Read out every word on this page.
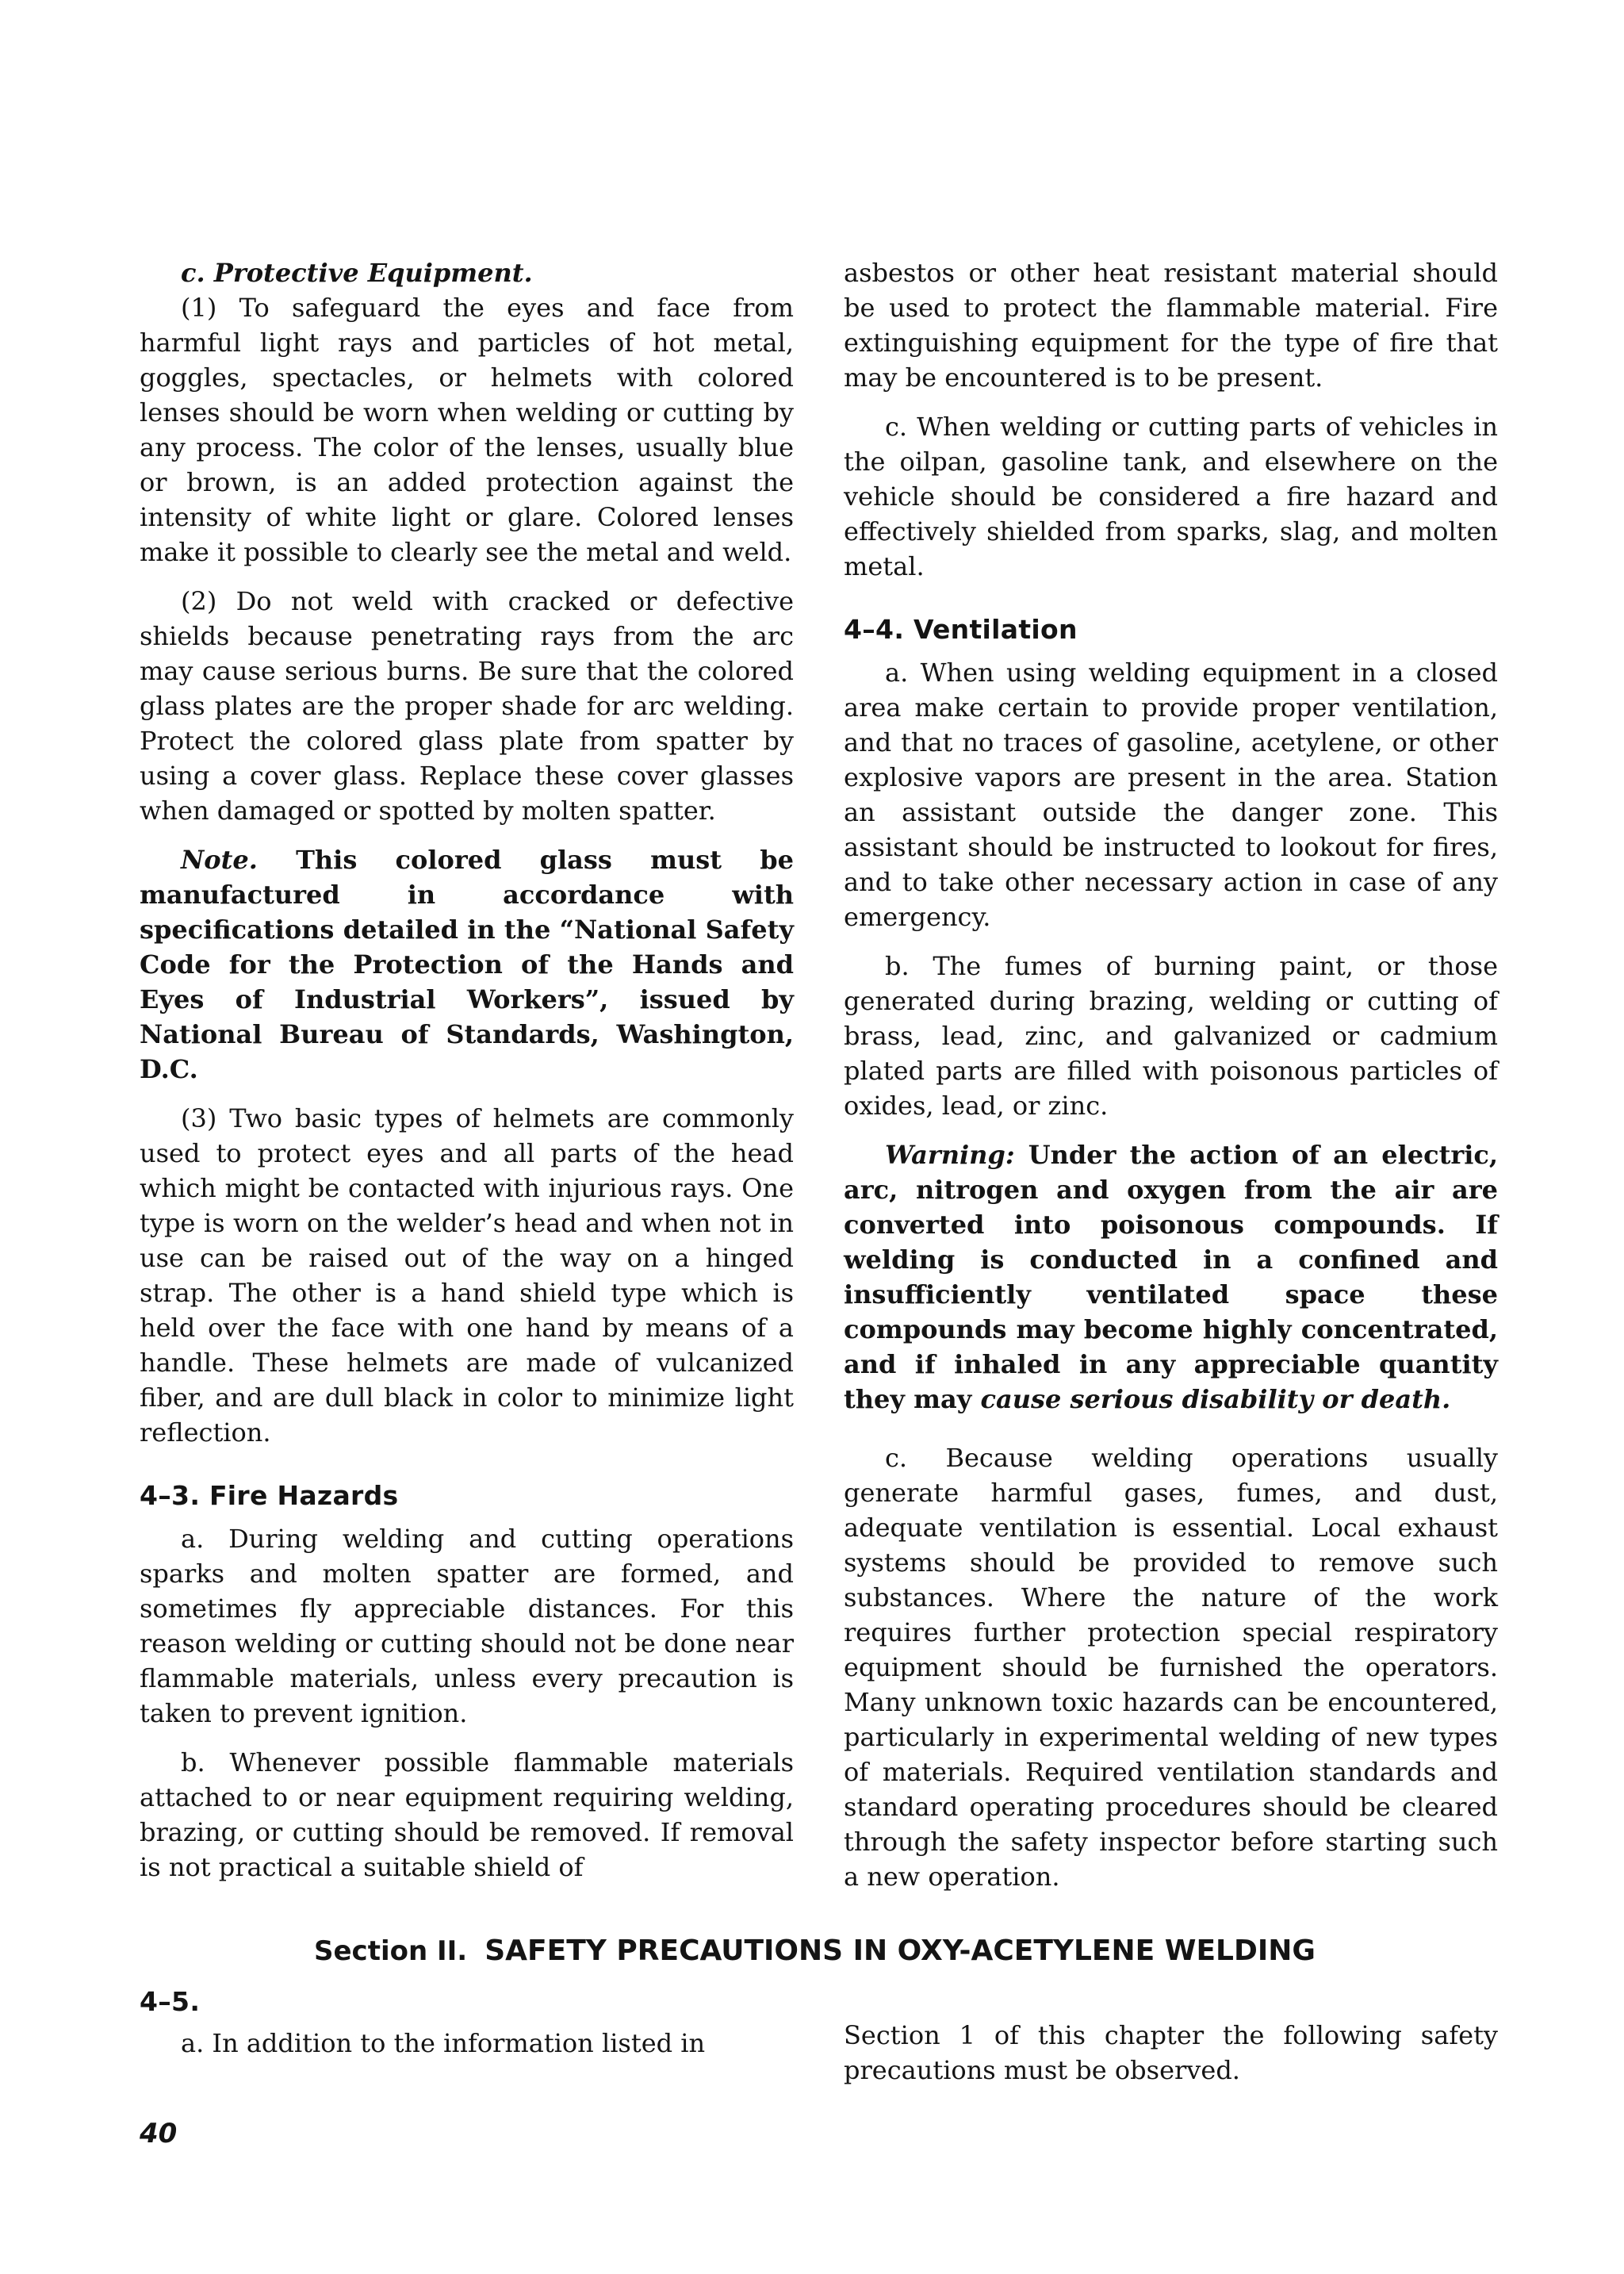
c. Protective Equipment.

(1) To safeguard the eyes and face from harmful light rays and particles of hot metal, goggles, spectacles, or helmets with colored lenses should be worn when welding or cutting by any process. The color of the lenses, usually blue or brown, is an added protection against the intensity of white light or glare. Colored lenses make it possible to clearly see the metal and weld.

(2) Do not weld with cracked or defective shields because penetrating rays from the arc may cause serious burns. Be sure that the colored glass plates are the proper shade for arc welding. Protect the colored glass plate from spatter by using a cover glass. Replace these cover glasses when damaged or spotted by molten spatter.

Note. This colored glass must be manufactured in accordance with specifications detailed in the “National Safety Code for the Protection of the Hands and Eyes of Industrial Workers”, issued by National Bureau of Standards, Washington, D.C.

(3) Two basic types of helmets are commonly used to protect eyes and all parts of the head which might be contacted with injurious rays. One type is worn on the welder’s head and when not in use can be raised out of the way on a hinged strap. The other is a hand shield type which is held over the face with one hand by means of a handle. These helmets are made of vulcanized fiber, and are dull black in color to minimize light reflection.

4–3. Fire Hazards

a. During welding and cutting operations sparks and molten spatter are formed, and sometimes fly appreciable distances. For this reason welding or cutting should not be done near flammable materials, unless every precaution is taken to prevent ignition.

b. Whenever possible flammable materials attached to or near equipment requiring welding, brazing, or cutting should be removed. If removal is not practical a suitable shield of

asbestos or other heat resistant material should be used to protect the flammable material. Fire extinguishing equipment for the type of fire that may be encountered is to be present.

c. When welding or cutting parts of vehicles in the oilpan, gasoline tank, and elsewhere on the vehicle should be considered a fire hazard and effectively shielded from sparks, slag, and molten metal.

4–4. Ventilation

a. When using welding equipment in a closed area make certain to provide proper ventilation, and that no traces of gasoline, acetylene, or other explosive vapors are present in the area. Station an assistant outside the danger zone. This assistant should be instructed to lookout for fires, and to take other necessary action in case of any emergency.

b. The fumes of burning paint, or those generated during brazing, welding or cutting of brass, lead, zinc, and galvanized or cadmium plated parts are filled with poisonous particles of oxides, lead, or zinc.

Warning: Under the action of an electric, arc, nitrogen and oxygen from the air are converted into poisonous compounds. If welding is conducted in a confined and insufficiently ventilated space these compounds may become highly concentrated, and if inhaled in any appreciable quantity they may cause serious disability or death.

c. Because welding operations usually generate harmful gases, fumes, and dust, adequate ventilation is essential. Local exhaust systems should be provided to remove such substances. Where the nature of the work requires further protection special respiratory equipment should be furnished the operators. Many unknown toxic hazards can be encountered, particularly in experimental welding of new types of materials. Required ventilation standards and standard operating procedures should be cleared through the safety inspector before starting such a new operation.

Section II. SAFETY PRECAUTIONS IN OXY-ACETYLENE WELDING
4–5.

a. In addition to the information listed in	Section 1 of this chapter the following safety precautions must be observed.

40
